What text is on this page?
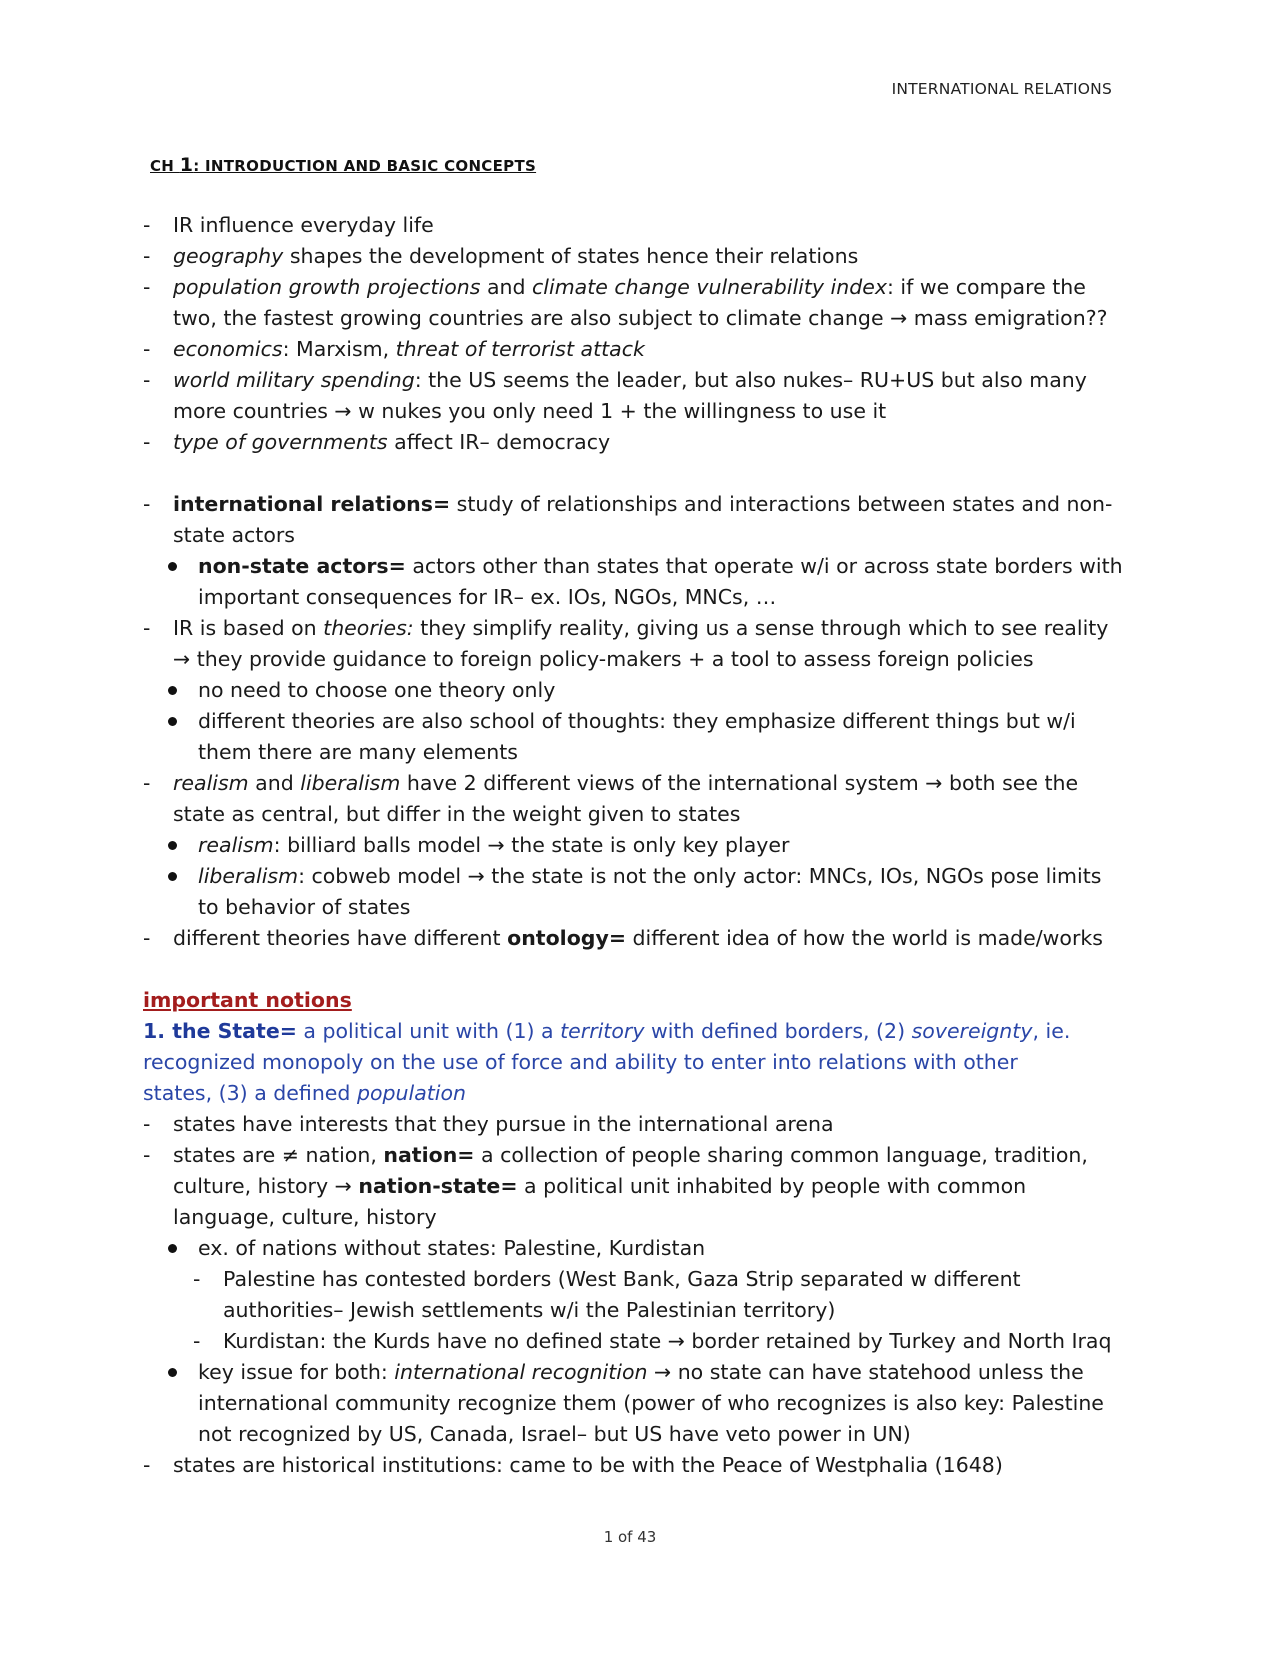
INTERNATIONAL RELATIONS
CH 1: INTRODUCTION AND BASIC CONCEPTS
-	IR influence everyday life
-	geography shapes the development of states hence their relations
-	population growth projections and climate change vulnerability index: if we compare the
two, the fastest growing countries are also subject to climate change → mass emigration??
-	economics: Marxism, threat of terrorist attack
-	world military spending: the US seems the leader, but also nukes– RU+US but also many
more countries → w nukes you only need 1 + the willingness to use it
-	type of governments affect IR– democracy
-	international relations= study of relationships and interactions between states and non-
state actors
non-state actors= actors other than states that operate w/i or across state borders with
important consequences for IR– ex. IOs, NGOs, MNCs, …
-	IR is based on theories: they simplify reality, giving us a sense through which to see reality
→ they provide guidance to foreign policy-makers + a tool to assess foreign policies
no need to choose one theory only
different theories are also school of thoughts: they emphasize different things but w/i
them there are many elements
-	realism and liberalism have 2 different views of the international system → both see the
state as central, but differ in the weight given to states
realism: billiard balls model → the state is only key player
liberalism: cobweb model → the state is not the only actor: MNCs, IOs, NGOs pose limits
to behavior of states
-	different theories have different ontology= different idea of how the world is made/works
important notions
1. the State= a political unit with (1) a territory with defined borders, (2) sovereignty, ie.
recognized monopoly on the use of force and ability to enter into relations with other
states, (3) a defined population
-	states have interests that they pursue in the international arena
-	states are ≠ nation, nation= a collection of people sharing common language, tradition,
culture, history → nation-state= a political unit inhabited by people with common
language, culture, history
ex. of nations without states: Palestine, Kurdistan
-	Palestine has contested borders (West Bank, Gaza Strip separated w different
authorities– Jewish settlements w/i the Palestinian territory)
-	Kurdistan: the Kurds have no defined state → border retained by Turkey and North Iraq
key issue for both: international recognition → no state can have statehood unless the
international community recognize them (power of who recognizes is also key: Palestine
not recognized by US, Canada, Israel– but US have veto power in UN)
-	states are historical institutions: came to be with the Peace of Westphalia (1648)
1 of 43
